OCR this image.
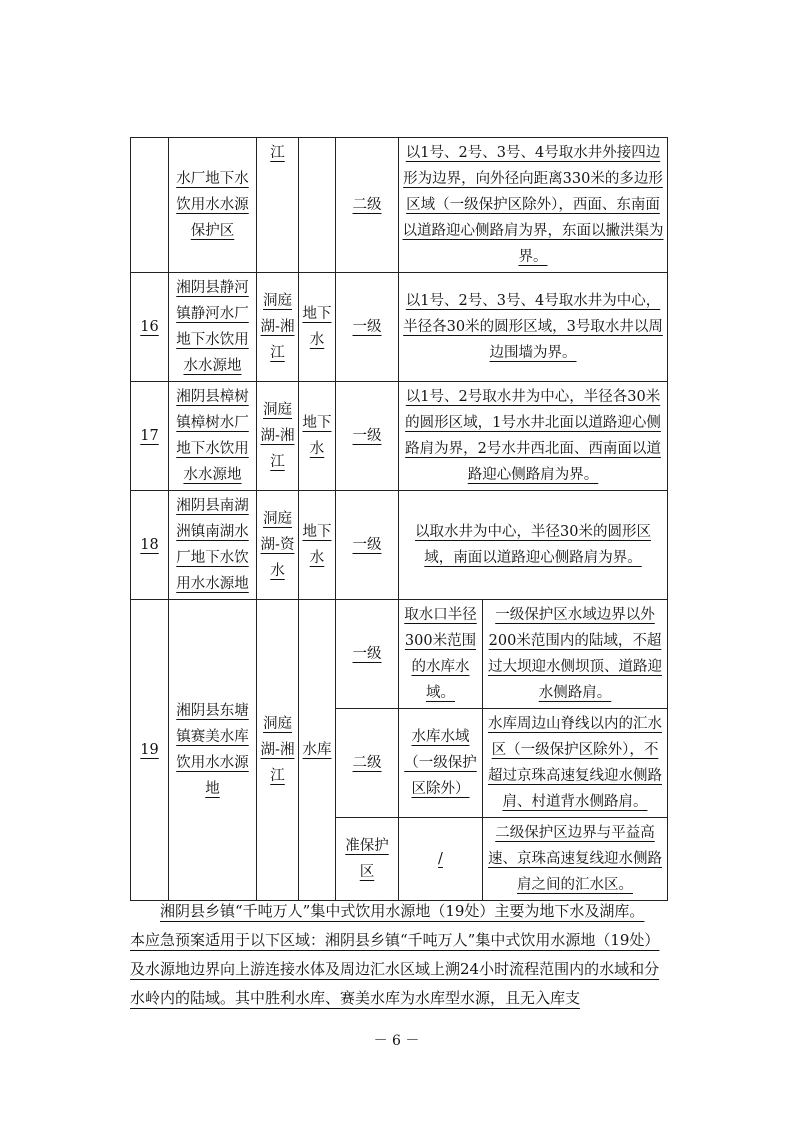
	水厂地下水饮用水水源保护区	江		二级	以1号、2号、3号、4号取水井外接四边形为边界，向外径向距离330米的多边形区域（一级保护区除外），西面、东南面以道路迎心侧路肩为界，东面以撇洪渠为界。	
16	湘阴县静河镇静河水厂地下水饮用水水源地	洞庭湖-湘江	地下水	一级	以1号、2号、3号、4号取水井为中心，半径各30米的圆形区域，3号取水井以周边围墙为界。	
17	湘阴县樟树镇樟树水厂地下水饮用水水源地	洞庭湖-湘江	地下水	一级	以1号、2号取水井为中心，半径各30米的圆形区域，1号水井北面以道路迎心侧路肩为界，2号水井西北面、西南面以道路迎心侧路肩为界。	
18	湘阴县南湖洲镇南湖水厂地下水饮用水水源地	洞庭湖-资水	地下水	一级	以取水井为中心，半径30米的圆形区域，南面以道路迎心侧路肩为界。	
19	湘阴县东塘镇赛美水库饮用水水源地	洞庭湖-湘江	水库	一级	取水口半径300米范围的水库水域。	一级保护区水域边界以外200米范围内的陆域，不超过大坝迎水侧坝顶、道路迎水侧路肩。
				二级	水库水域（一级保护区除外）	水库周边山脊线以内的汇水区（一级保护区除外），不超过京珠高速复线迎水侧路肩、村道背水侧路肩。
				准保护区	/	二级保护区边界与平益高速、京珠高速复线迎水侧路肩之间的汇水区。
湘阴县乡镇“千吨万人”集中式饮用水源地（19处）主要为地下水及湖库。
本应急预案适用于以下区域：湘阴县乡镇“千吨万人”集中式饮用水源地（19处）及水源地边界向上游连接水体及周边汇水区域上溯24小时流程范围内的水域和分水岭内的陆域。其中胜利水库、赛美水库为水库型水源，且无入库支
－ 6 －
